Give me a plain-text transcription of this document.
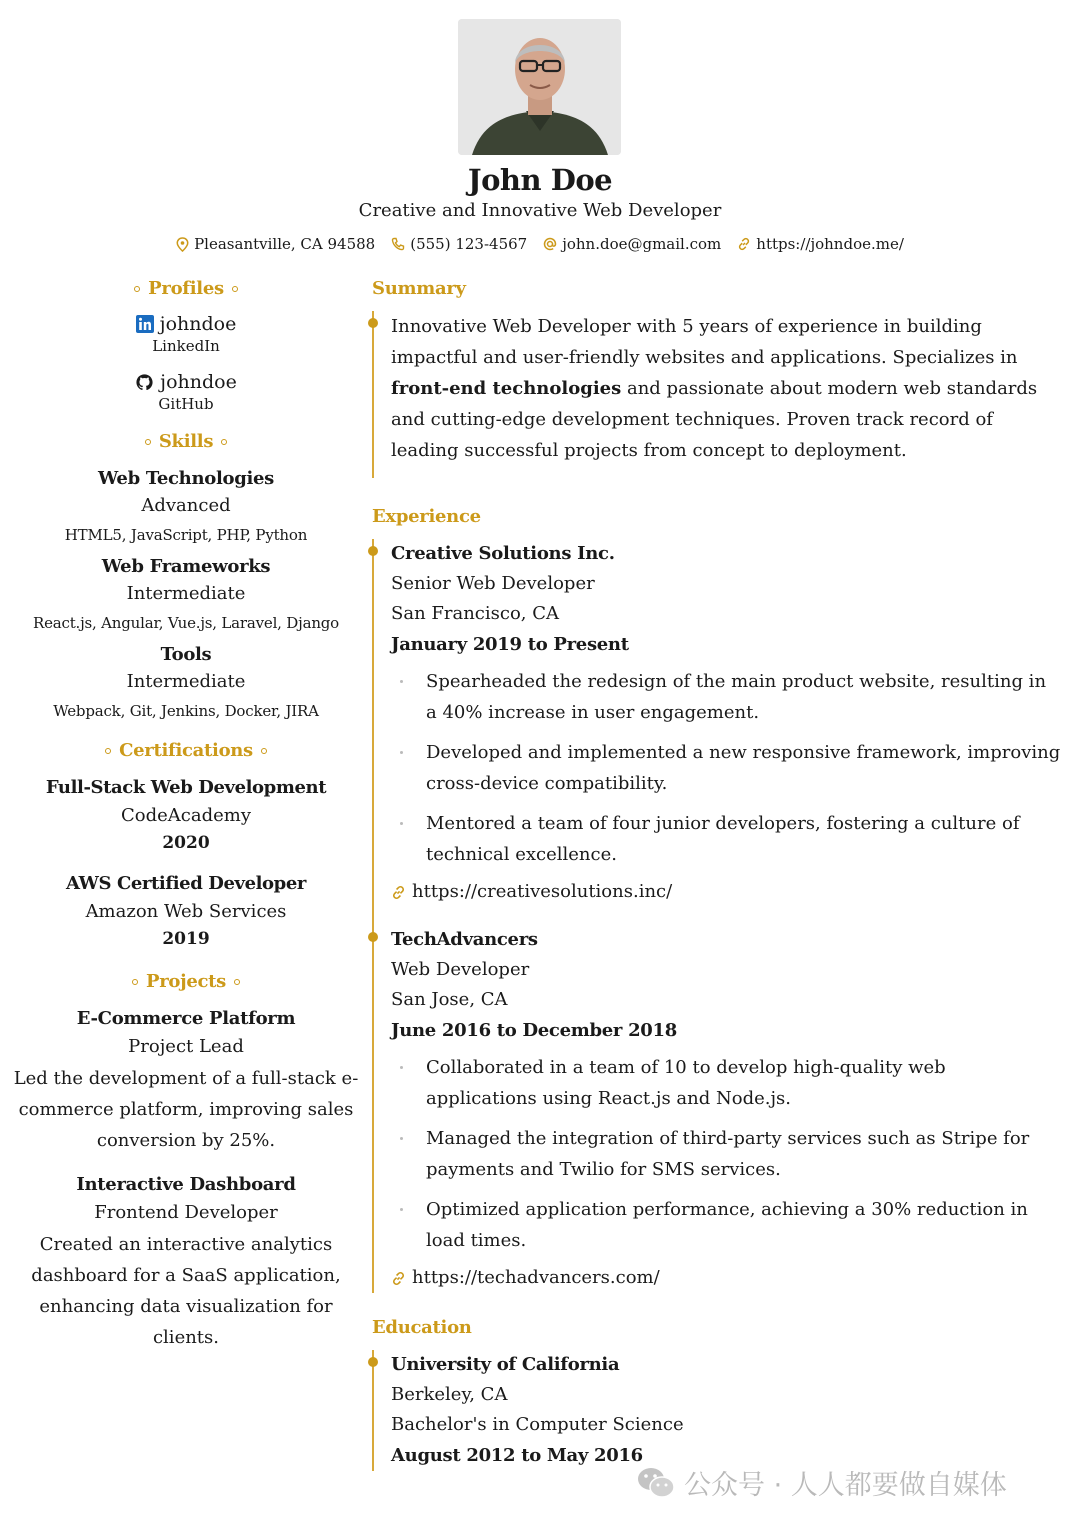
John Doe
Creative and Innovative Web Developer
Pleasantville, CA 94588 (555) 123-4567 john.doe@gmail.com https://johndoe.me/
Profiles
johndoe
LinkedIn
johndoe
GitHub
Skills
Web Technologies
Advanced
HTML5, JavaScript, PHP, Python
Web Frameworks
Intermediate
React.js, Angular, Vue.js, Laravel, Django
Tools
Intermediate
Webpack, Git, Jenkins, Docker, JIRA
Certifications
Full-Stack Web Development
CodeAcademy
2020
AWS Certified Developer
Amazon Web Services
2019
Projects
E-Commerce Platform
Project Lead
Led the development of a full-stack e-commerce platform, improving sales conversion by 25%.
Interactive Dashboard
Frontend Developer
Created an interactive analytics dashboard for a SaaS application, enhancing data visualization for clients.
Summary
Innovative Web Developer with 5 years of experience in building impactful and user-friendly websites and applications. Specializes in front-end technologies and passionate about modern web standards and cutting-edge development techniques. Proven track record of leading successful projects from concept to deployment.
Experience
Creative Solutions Inc.
Senior Web Developer
San Francisco, CA
January 2019 to Present
Spearheaded the redesign of the main product website, resulting in a 40% increase in user engagement.
Developed and implemented a new responsive framework, improving cross-device compatibility.
Mentored a team of four junior developers, fostering a culture of technical excellence.
https://creativesolutions.inc/
TechAdvancers
Web Developer
San Jose, CA
June 2016 to December 2018
Collaborated in a team of 10 to develop high-quality web applications using React.js and Node.js.
Managed the integration of third-party services such as Stripe for payments and Twilio for SMS services.
Optimized application performance, achieving a 30% reduction in load times.
https://techadvancers.com/
Education
University of California
Berkeley, CA
Bachelor's in Computer Science
August 2012 to May 2016
公众号 · 人人都要做自媒体
